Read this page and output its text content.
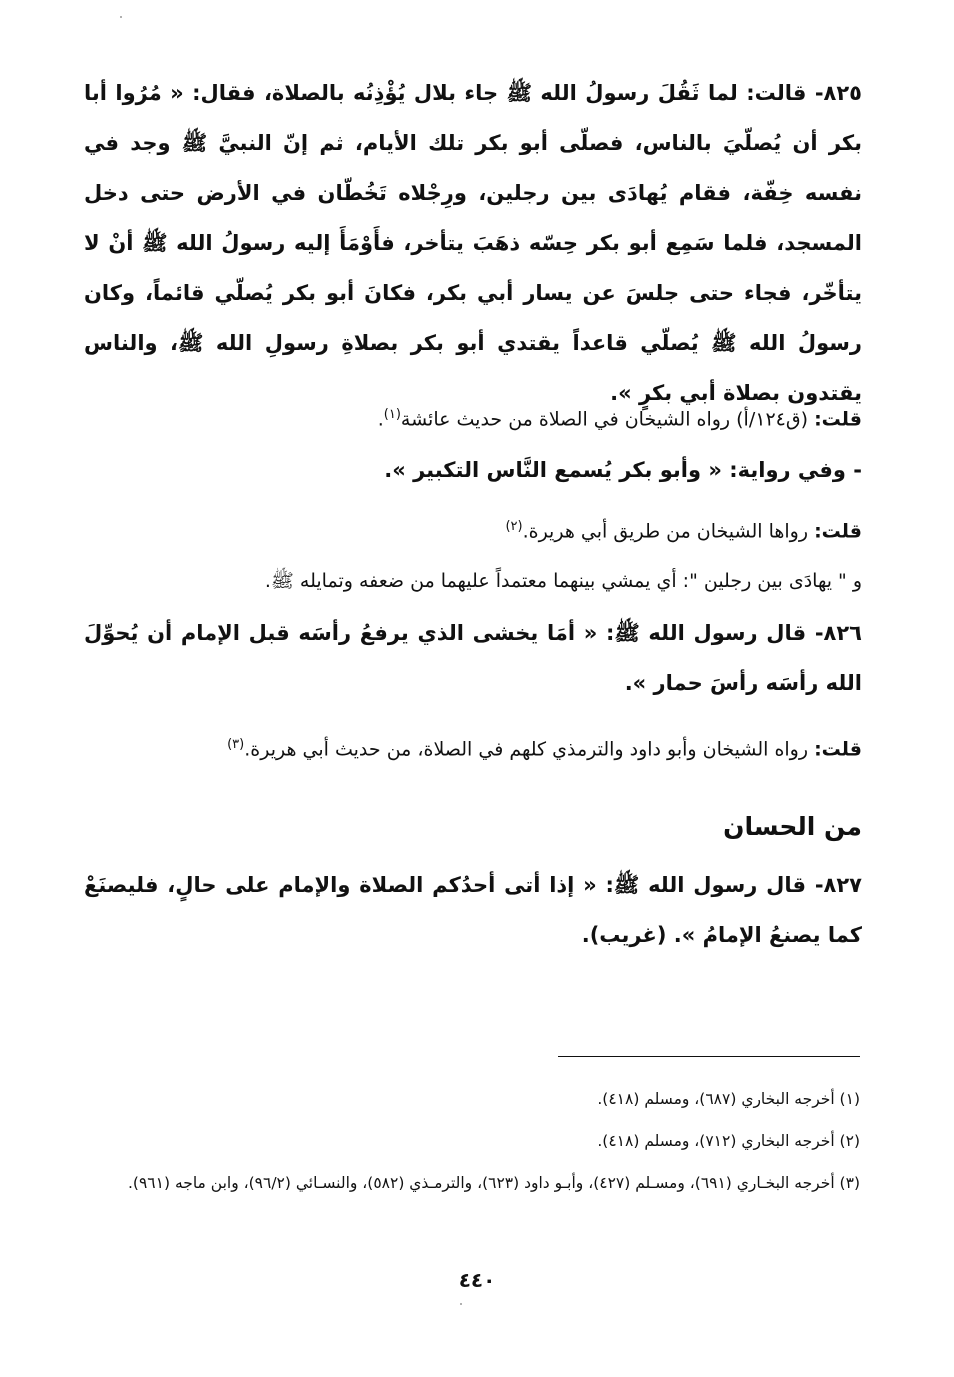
٨٢٥- قالت: لما ثَقُلَ رسولُ الله ﷺ جاء بلال يُؤْذِنُه بالصلاة، فقال: « مُرُوا أبا بكر أن يُصلّيَ بالناس، فصلّى أبو بكر تلك الأيام، ثم إنّ النبيَّ ﷺ وجد في نفسه خِفّة، فقام يُهادَى بين رجلين، ورِجْلاه تَخُطّان في الأرض حتى دخل المسجد، فلما سَمِع أبو بكر حِسّه ذهَبَ يتأخر، فأَوْمَأَ إليه رسولُ الله ﷺ أنْ لا يتأخّر، فجاء حتى جلسَ عن يسار أبي بكر، فكانَ أبو بكر يُصلّي قائماً، وكان رسولُ الله ﷺ يُصلّي قاعداً يقتدي أبو بكر بصلاةِ رسولِ الله ﷺ، والناس يقتدون بصلاة أبي بكرٍ ».
قلت: (ق١٢٤/أ) رواه الشيخان في الصلاة من حديث عائشة$^{(١)}$.
- وفي رواية: « وأبو بكر يُسمع النَّاس التكبير ».
قلت: رواها الشيخان من طريق أبي هريرة.$^{(٢)}$
و " يهادَى بين رجلين ": أي يمشي بينهما معتمداً عليهما من ضعفه وتمايله ﷺ.
٨٢٦- قال رسول الله ﷺ: « أمَا يخشى الذي يرفعُ رأسَه قبل الإمام أن يُحوِّلَ الله رأسَه رأسَ حمار ».
قلت: رواه الشيخان وأبو داود والترمذي كلهم في الصلاة، من حديث أبي هريرة.$^{(٣)}$
من الحسان
٨٢٧- قال رسول الله ﷺ: « إذا أتى أحدُكم الصلاة والإمام على حالٍ، فليصنَعْ كما يصنعُ الإمامُ ». (غريب).
(١) أخرجه البخاري (٦٨٧)، ومسلم (٤١٨).
(٢) أخرجه البخاري (٧١٢)، ومسلم (٤١٨).
(٣) أخرجه البخـاري (٦٩١)، ومسـلم (٤٢٧)، وأبـو داود (٦٢٣)، والترمـذي (٥٨٢)، والنسـائي (٩٦/٢)، وابن ماجه (٩٦١).
٤٤٠
